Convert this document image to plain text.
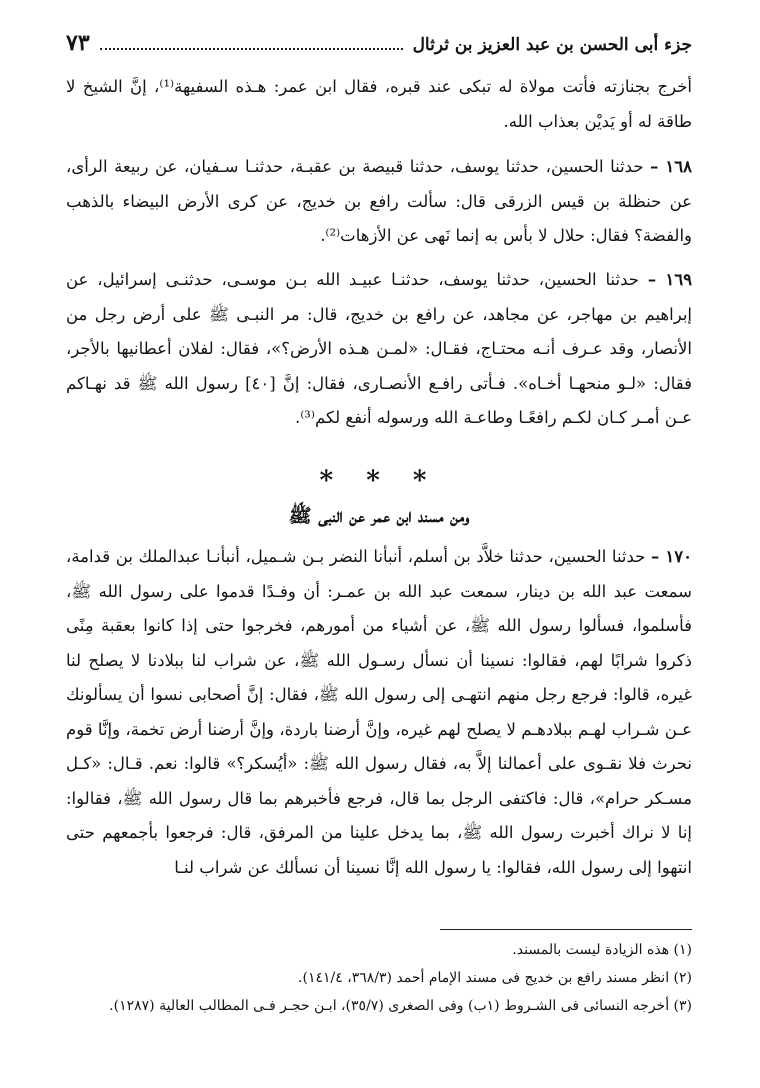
جزء أبى الحسن بن عبد العزيز بن ثرثال
٧٣
أخرج بجنازته فأتت مولاة له تبكى عند قبره، فقال ابن عمر: هـذه السفيهة⁽¹⁾، إنَّ الشيخ لا طاقة له أو يَديْن بعذاب الله.
١٦٨ – حدثنا الحسين، حدثنا يوسف، حدثنا قبيصة بن عقبـة، حدثنـا سـفيان، عن ربيعة الرأى، عن حنظلة بن قيس الزرقى قال: سألت رافع بن خديج، عن كرى الأرض البيضاء بالذهب والفضة؟ فقال: حلال لا بأس به إنما نَهى عن الأزهات⁽²⁾.
١٦٩ – حدثنا الحسين، حدثنا يوسف، حدثنـا عبيـد الله بـن موسـى، حدثنـى إسرائيل، عن إبراهيم بن مهاجر، عن مجاهد، عن رافع بن خديج، قال: مر النبـى ﷺ على أرض رجل من الأنصار، وقد عـرف أنـه محتـاج، فقـال: «لمـن هـذه الأرض؟»، فقال: لفلان أعطانيها بالأجر، فقال: «لـو منحهـا أخـاه». فـأتى رافـع الأنصـارى، فقال: إنَّ [٤٠] رسول الله ﷺ قد نهـاكم عـن أمـر كـان لكـم رافعًـا وطاعـة الله ورسوله أنفع لكم⁽³⁾.
* * *
ومن مسند ابن عمر عن النبى ﷺ
١٧٠ – حدثنا الحسين، حدثنا خلاَّد بن أسلم، أنبأنا النضر بـن شـميل، أنبأنـا عبدالملك بن قدامة، سمعت عبد الله بن دينار، سمعت عبد الله بن عمـر: أن وفـدًا قدموا على رسول الله ﷺ، فأسلموا، فسألوا رسول الله ﷺ، عن أشياء من أمورهم، فخرجوا حتى إذا كانوا بعقبة مِنًى ذكروا شرابًا لهم، فقالوا: نسينا أن نسأل رسـول الله ﷺ، عن شراب لنا ببلادنا لا يصلح لنا غيره، قالوا: فرجع رجل منهم انتهـى إلى رسول الله ﷺ، فقال: إنَّ أصحابى نسوا أن يسألونك عـن شـراب لهـم ببلادهـم لا يصلح لهم غيره، وإنَّ أرضنا باردة، وإنَّ أرضنا أرض تخمة، وإنَّا قوم نحرث فلا نقـوى على أعمالنا إلاَّ به، فقال رسول الله ﷺ: «أيُسكر؟» قالوا: نعم. قـال: «كـل مسـكر حرام»، قال: فاكتفى الرجل بما قال، فرجع فأخبرهم بما قال رسول الله ﷺ، فقالوا: إنا لا نراك أخبرت رسول الله ﷺ، بما يدخل علينا من المرفق، قال: فرجعوا بأجمعهم حتى انتهوا إلى رسول الله، فقالوا: يا رسول الله إنَّا نسينا أن نسألك عن شراب لنـا
(١) هذه الزيادة ليست بالمسند.
(٢) انظر مسند رافع بن خديج فى مسند الإمام أحمد (٣٦٨/٣، ١٤١/٤).
(٣) أخرجه النسائى فى الشـروط (١ب) وفى الصغرى (٣٥/٧)، ابـن حجـر فـى المطالب العالية (١٢٨٧).
